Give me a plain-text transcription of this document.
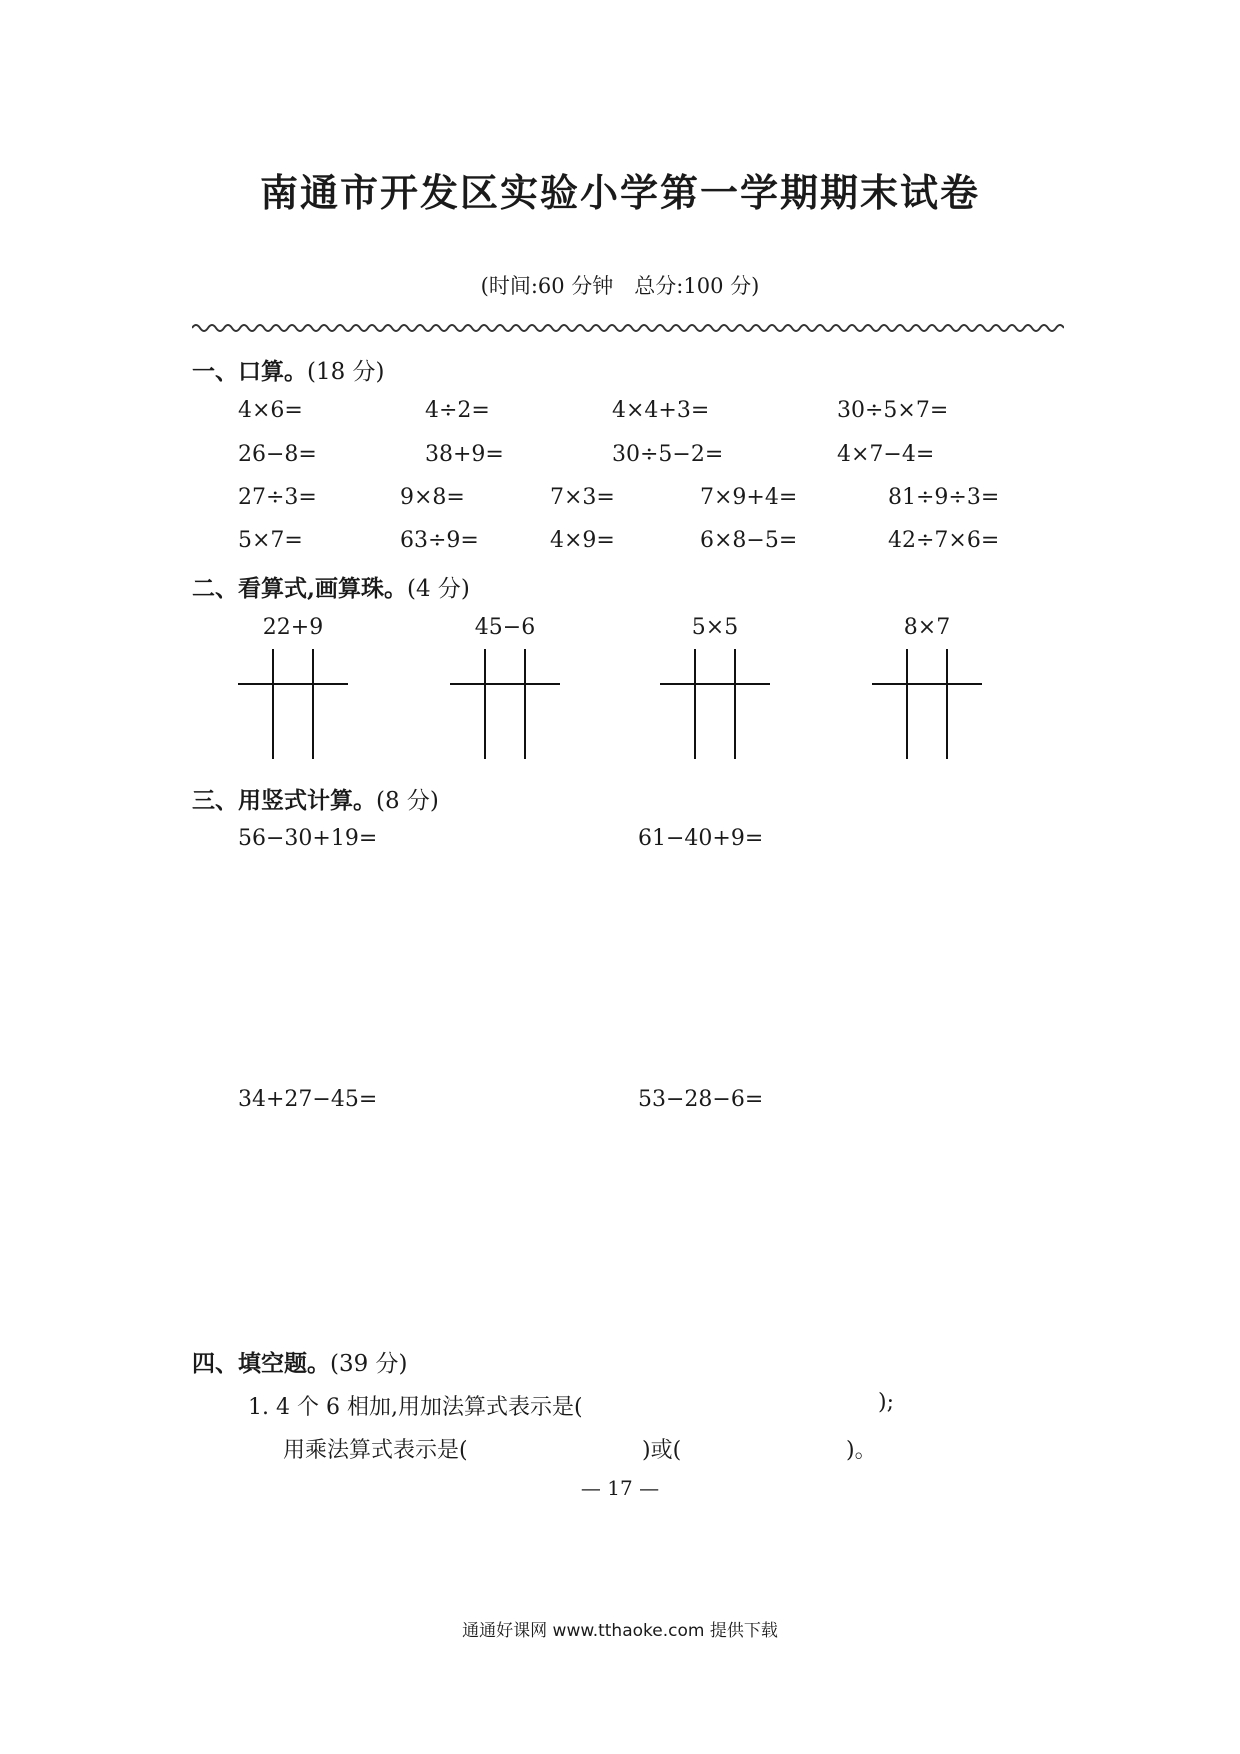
南通市开发区实验小学第一学期期末试卷
(时间:60 分钟　总分:100 分)
一、口算。(18 分)
4×6=	4÷2=	4×4+3=	30÷5×7=
26−8=	38+9=	30÷5−2=	4×7−4=
27÷3=	9×8=	7×3=	7×9+4=	81÷9÷3=
5×7=	63÷9=	4×9=	6×8−5=	42÷7×6=
二、看算式,画算珠。(4 分)
22+9	45−6	5×5	8×7
三、用竖式计算。(8 分)
56−30+19=	61−40+9=
34+27−45=	53−28−6=
四、填空题。(39 分)
1. 4 个 6 相加,用加法算式表示是(	);
用乘法算式表示是(	)或(	)。
— 17 —
通通好课网 www.tthaoke.com 提供下载
